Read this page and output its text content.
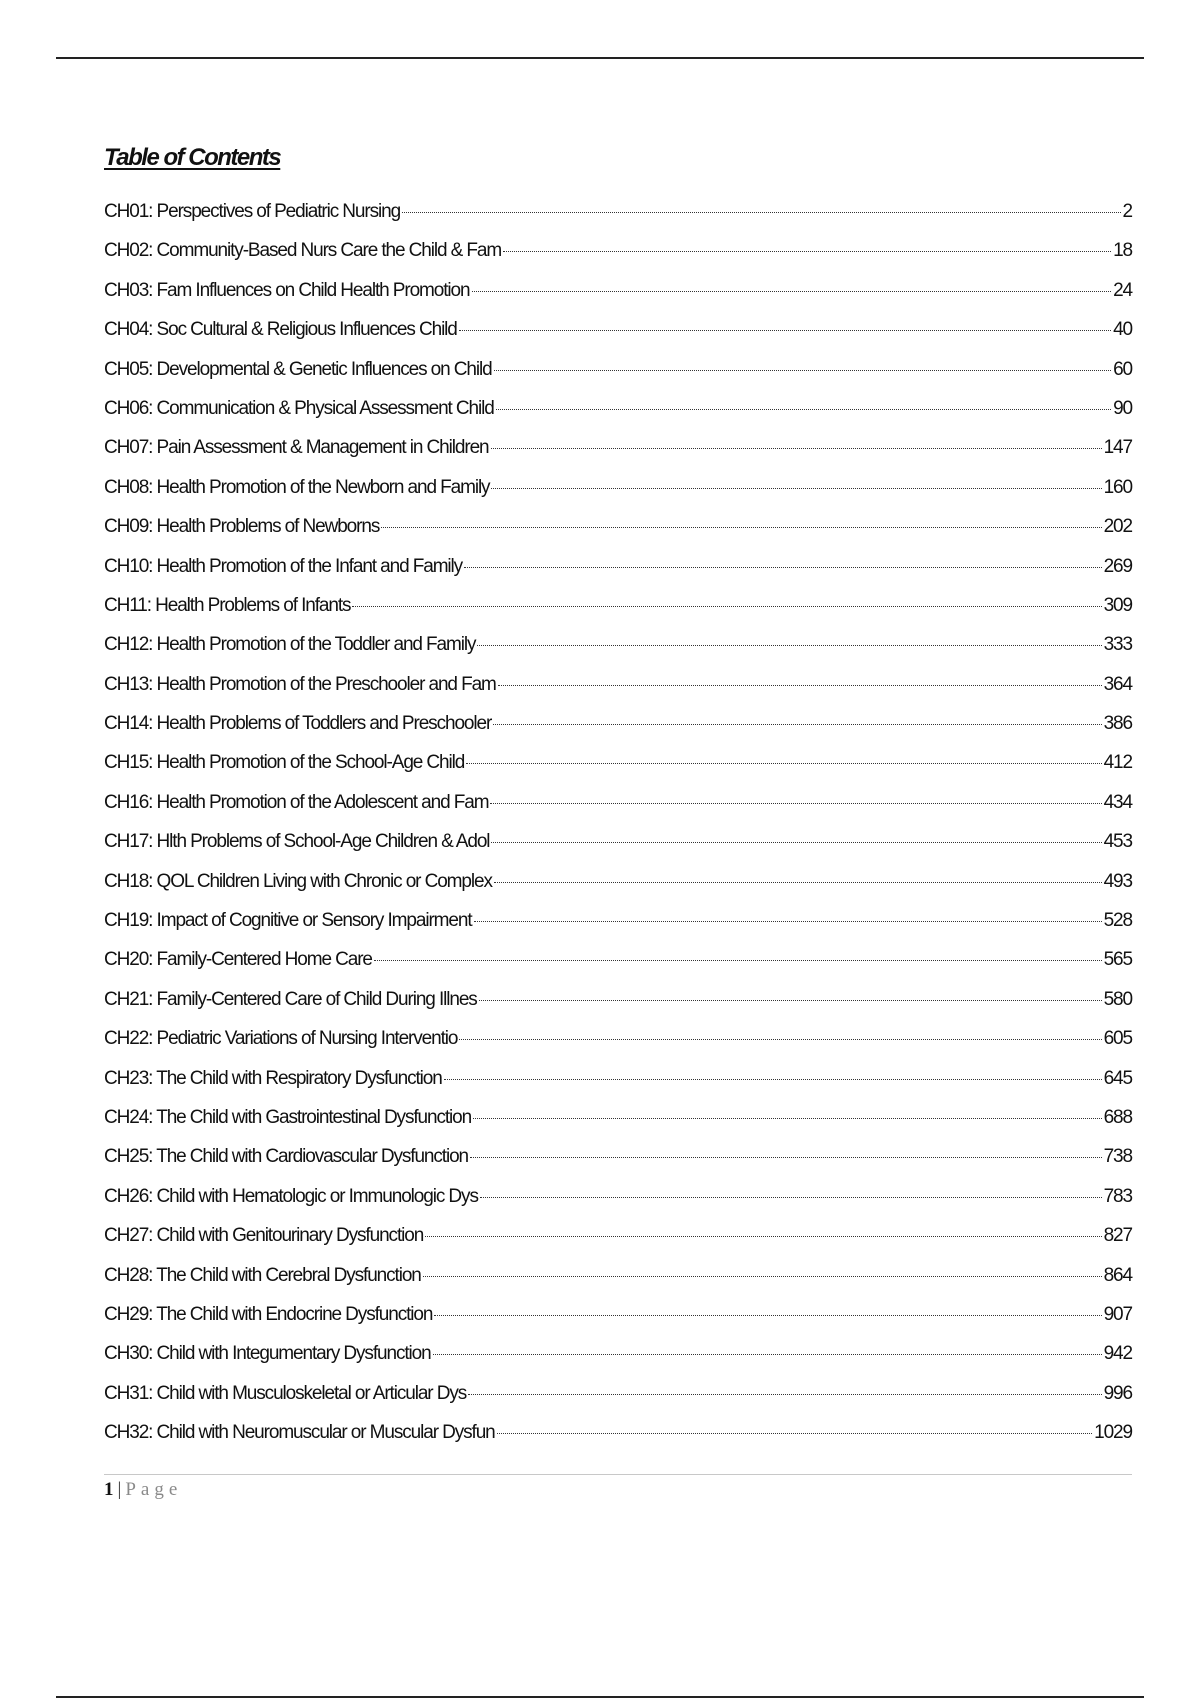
Table of Contents
CH01: Perspectives of Pediatric Nursing	2
CH02: Community-Based Nurs Care the Child & Fam	18
CH03: Fam Influences on Child Health Promotion	24
CH04: Soc Cultural & Religious Influences Child	40
CH05: Developmental & Genetic Influences on Child	60
CH06: Communication & Physical Assessment Child	90
CH07: Pain Assessment & Management in Children	147
CH08: Health Promotion of the Newborn and Family	160
CH09: Health Problems of Newborns	202
CH10: Health Promotion of the Infant and Family	269
CH11: Health Problems of Infants	309
CH12: Health Promotion of the Toddler and Family	333
CH13: Health Promotion of the Preschooler and Fam	364
CH14: Health Problems of Toddlers and Preschooler	386
CH15: Health Promotion of the School-Age Child	412
CH16: Health Promotion of the Adolescent and Fam	434
CH17: Hlth Problems of School-Age Children & Adol	453
CH18: QOL Children Living with Chronic or Complex	493
CH19: Impact of Cognitive or Sensory Impairment	528
CH20: Family-Centered Home Care	565
CH21: Family-Centered Care of Child During Illnes	580
CH22: Pediatric Variations of Nursing Interventio	605
CH23: The Child with Respiratory Dysfunction	645
CH24: The Child with Gastrointestinal Dysfunction	688
CH25: The Child with Cardiovascular Dysfunction	738
CH26: Child with Hematologic or Immunologic Dys	783
CH27: Child with Genitourinary Dysfunction	827
CH28: The Child with Cerebral Dysfunction	864
CH29: The Child with Endocrine Dysfunction	907
CH30: Child with Integumentary Dysfunction	942
CH31: Child with Musculoskeletal or Articular Dys	996
CH32: Child with Neuromuscular or Muscular Dysfun	1029
1 | Page
